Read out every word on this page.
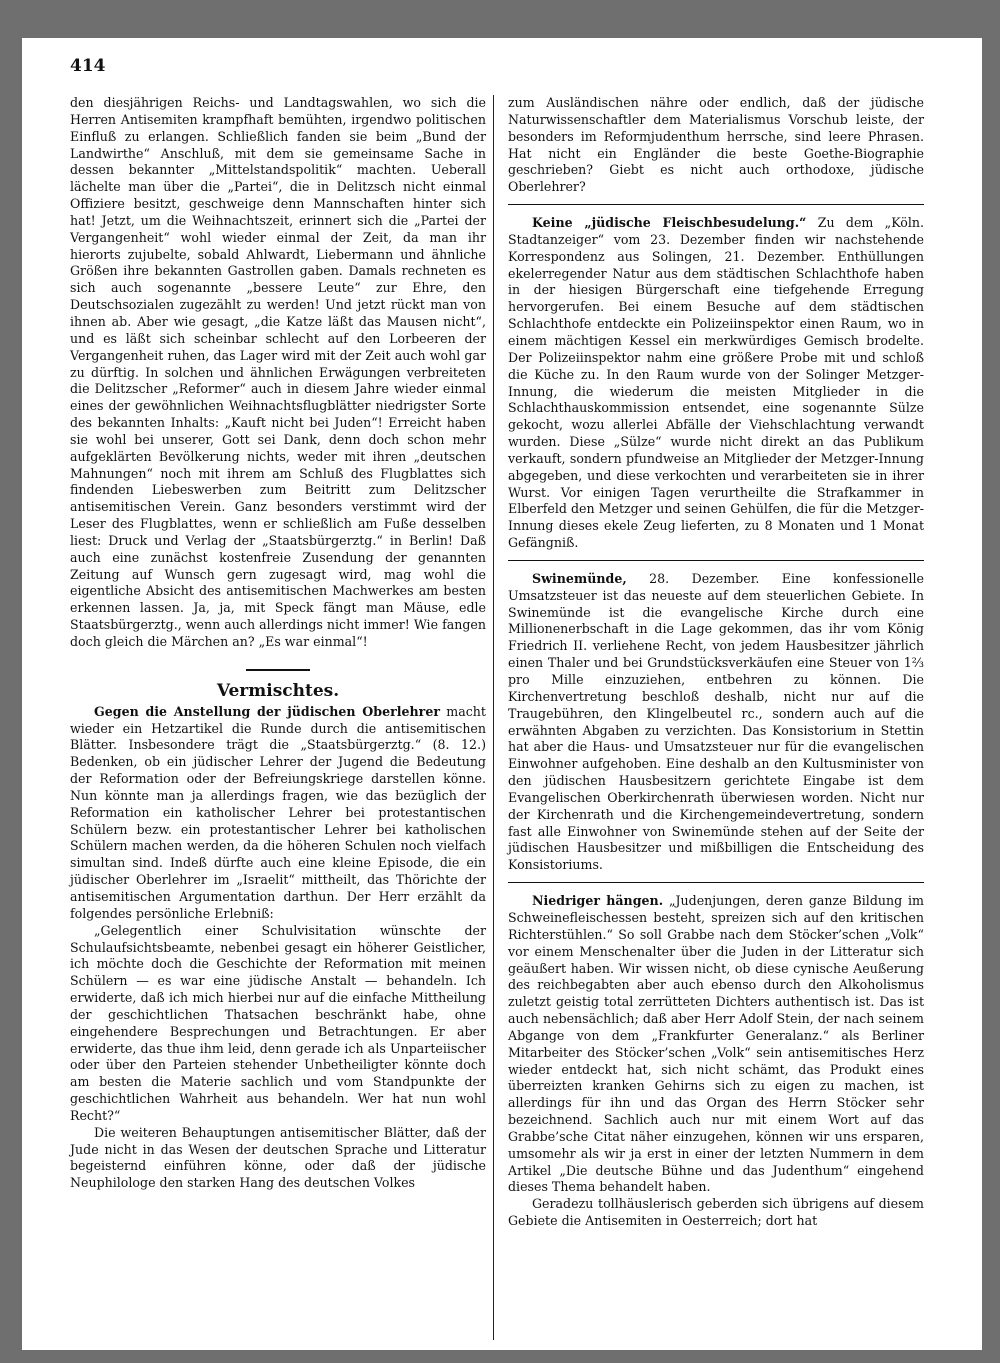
414

den diesjährigen Reichs- und Landtagswahlen, wo sich die Herren Antisemiten krampfhaft bemühten, irgendwo politischen Einfluß zu erlangen. Schließlich fanden sie beim „Bund der Landwirthe“ Anschluß, mit dem sie gemeinsame Sache in dessen bekannter „Mittelstandspolitik“ machten. Ueberall lächelte man über die „Partei“, die in Delitzsch nicht einmal Offiziere besitzt, geschweige denn Mannschaften hinter sich hat! Jetzt, um die Weihnachtszeit, erinnert sich die „Partei der Vergangenheit“ wohl wieder einmal der Zeit, da man ihr hierorts zujubelte, sobald Ahlwardt, Liebermann und ähnliche Größen ihre bekannten Gastrollen gaben. Damals rechneten es sich auch sogenannte „bessere Leute“ zur Ehre, den Deutschsozialen zugezählt zu werden! Und jetzt rückt man von ihnen ab. Aber wie gesagt, „die Katze läßt das Mausen nicht“, und es läßt sich scheinbar schlecht auf den Lorbeeren der Vergangenheit ruhen, das Lager wird mit der Zeit auch wohl gar zu dürftig. In solchen und ähnlichen Erwägungen verbreiteten die Delitzscher „Reformer“ auch in diesem Jahre wieder einmal eines der gewöhnlichen Weihnachtsflugblätter niedrigster Sorte des bekannten Inhalts: „Kauft nicht bei Juden“! Erreicht haben sie wohl bei unserer, Gott sei Dank, denn doch schon mehr aufgeklärten Bevölkerung nichts, weder mit ihren „deutschen Mahnungen“ noch mit ihrem am Schluß des Flugblattes sich findenden Liebeswerben zum Beitritt zum Delitzscher antisemitischen Verein. Ganz besonders verstimmt wird der Leser des Flugblattes, wenn er schließlich am Fuße desselben liest: Druck und Verlag der „Staatsbürgerztg.“ in Berlin! Daß auch eine zunächst kostenfreie Zusendung der genannten Zeitung auf Wunsch gern zugesagt wird, mag wohl die eigentliche Absicht des antisemitischen Machwerkes am besten erkennen lassen. Ja, ja, mit Speck fängt man Mäuse, edle Staatsbürgerztg., wenn auch allerdings nicht immer! Wie fangen doch gleich die Märchen an? „Es war einmal“!

Vermischtes.

Gegen die Anstellung der jüdischen Oberlehrer macht wieder ein Hetzartikel die Runde durch die antisemitischen Blätter. Insbesondere trägt die „Staatsbürgerztg.“ (8. 12.) Bedenken, ob ein jüdischer Lehrer der Jugend die Bedeutung der Reformation oder der Befreiungskriege darstellen könne. Nun könnte man ja allerdings fragen, wie das bezüglich der Reformation ein katholischer Lehrer bei protestantischen Schülern bezw. ein protestantischer Lehrer bei katholischen Schülern machen werden, da die höheren Schulen noch vielfach simultan sind. Indeß dürfte auch eine kleine Episode, die ein jüdischer Oberlehrer im „Israelit“ mittheilt, das Thörichte der antisemitischen Argumentation darthun. Der Herr erzählt da folgendes persönliche Erlebniß:

„Gelegentlich einer Schulvisitation wünschte der Schulaufsichtsbeamte, nebenbei gesagt ein höherer Geistlicher, ich möchte doch die Geschichte der Reformation mit meinen Schülern — es war eine jüdische Anstalt — behandeln. Ich erwiderte, daß ich mich hierbei nur auf die einfache Mittheilung der geschichtlichen Thatsachen beschränkt habe, ohne eingehendere Besprechungen und Betrachtungen. Er aber erwiderte, das thue ihm leid, denn gerade ich als Unparteiischer oder über den Parteien stehender Unbetheiligter könnte doch am besten die Materie sachlich und vom Standpunkte der geschichtlichen Wahrheit aus behandeln. Wer hat nun wohl Recht?“

Die weiteren Behauptungen antisemitischer Blätter, daß der Jude nicht in das Wesen der deutschen Sprache und Litteratur begeisternd einführen könne, oder daß der jüdische Neuphilologe den starken Hang des deutschen Volkes

zum Ausländischen nähre oder endlich, daß der jüdische Naturwissenschaftler dem Materialismus Vorschub leiste, der besonders im Reformjudenthum herrsche, sind leere Phrasen. Hat nicht ein Engländer die beste Goethe-Biographie geschrieben? Giebt es nicht auch orthodoxe, jüdische Oberlehrer?

Keine „jüdische Fleischbesudelung.“ Zu dem „Köln. Stadtanzeiger“ vom 23. Dezember finden wir nachstehende Korrespondenz aus Solingen, 21. Dezember. Enthüllungen ekelerregender Natur aus dem städtischen Schlachthofe haben in der hiesigen Bürgerschaft eine tiefgehende Erregung hervorgerufen. Bei einem Besuche auf dem städtischen Schlachthofe entdeckte ein Polizeiinspektor einen Raum, wo in einem mächtigen Kessel ein merkwürdiges Gemisch brodelte. Der Polizeiinspektor nahm eine größere Probe mit und schloß die Küche zu. In den Raum wurde von der Solinger Metzger-Innung, die wiederum die meisten Mitglieder in die Schlachthauskommission entsendet, eine sogenannte Sülze gekocht, wozu allerlei Abfälle der Viehschlachtung verwandt wurden. Diese „Sülze“ wurde nicht direkt an das Publikum verkauft, sondern pfundweise an Mitglieder der Metzger-Innung abgegeben, und diese verkochten und verarbeiteten sie in ihrer Wurst. Vor einigen Tagen verurtheilte die Strafkammer in Elberfeld den Metzger und seinen Gehülfen, die für die Metzger-Innung dieses ekele Zeug lieferten, zu 8 Monaten und 1 Monat Gefängniß.

Swinemünde, 28. Dezember. Eine konfessionelle Umsatzsteuer ist das neueste auf dem steuerlichen Gebiete. In Swinemünde ist die evangelische Kirche durch eine Millionenerbschaft in die Lage gekommen, das ihr vom König Friedrich II. verliehene Recht, von jedem Hausbesitzer jährlich einen Thaler und bei Grundstücksverkäufen eine Steuer von 1⅔ pro Mille einzuziehen, entbehren zu können. Die Kirchenvertretung beschloß deshalb, nicht nur auf die Traugebühren, den Klingelbeutel rc., sondern auch auf die erwähnten Abgaben zu verzichten. Das Konsistorium in Stettin hat aber die Haus- und Umsatzsteuer nur für die evangelischen Einwohner aufgehoben. Eine deshalb an den Kultusminister von den jüdischen Hausbesitzern gerichtete Eingabe ist dem Evangelischen Oberkirchenrath überwiesen worden. Nicht nur der Kirchenrath und die Kirchengemeindevertretung, sondern fast alle Einwohner von Swinemünde stehen auf der Seite der jüdischen Hausbesitzer und mißbilligen die Entscheidung des Konsistoriums.

Niedriger hängen. „Judenjungen, deren ganze Bildung im Schweinefleischessen besteht, spreizen sich auf den kritischen Richterstühlen.“ So soll Grabbe nach dem Stöcker’schen „Volk“ vor einem Menschenalter über die Juden in der Litteratur sich geäußert haben. Wir wissen nicht, ob diese cynische Aeußerung des reichbegabten aber auch ebenso durch den Alkoholismus zuletzt geistig total zerrütteten Dichters authentisch ist. Das ist auch nebensächlich; daß aber Herr Adolf Stein, der nach seinem Abgange von dem „Frankfurter Generalanz.“ als Berliner Mitarbeiter des Stöcker’schen „Volk“ sein antisemitisches Herz wieder entdeckt hat, sich nicht schämt, das Produkt eines überreizten kranken Gehirns sich zu eigen zu machen, ist allerdings für ihn und das Organ des Herrn Stöcker sehr bezeichnend. Sachlich auch nur mit einem Wort auf das Grabbe’sche Citat näher einzugehen, können wir uns ersparen, umsomehr als wir ja erst in einer der letzten Nummern in dem Artikel „Die deutsche Bühne und das Judenthum“ eingehend dieses Thema behandelt haben.

Geradezu tollhäuslerisch geberden sich übrigens auf diesem Gebiete die Antisemiten in Oesterreich; dort hat
